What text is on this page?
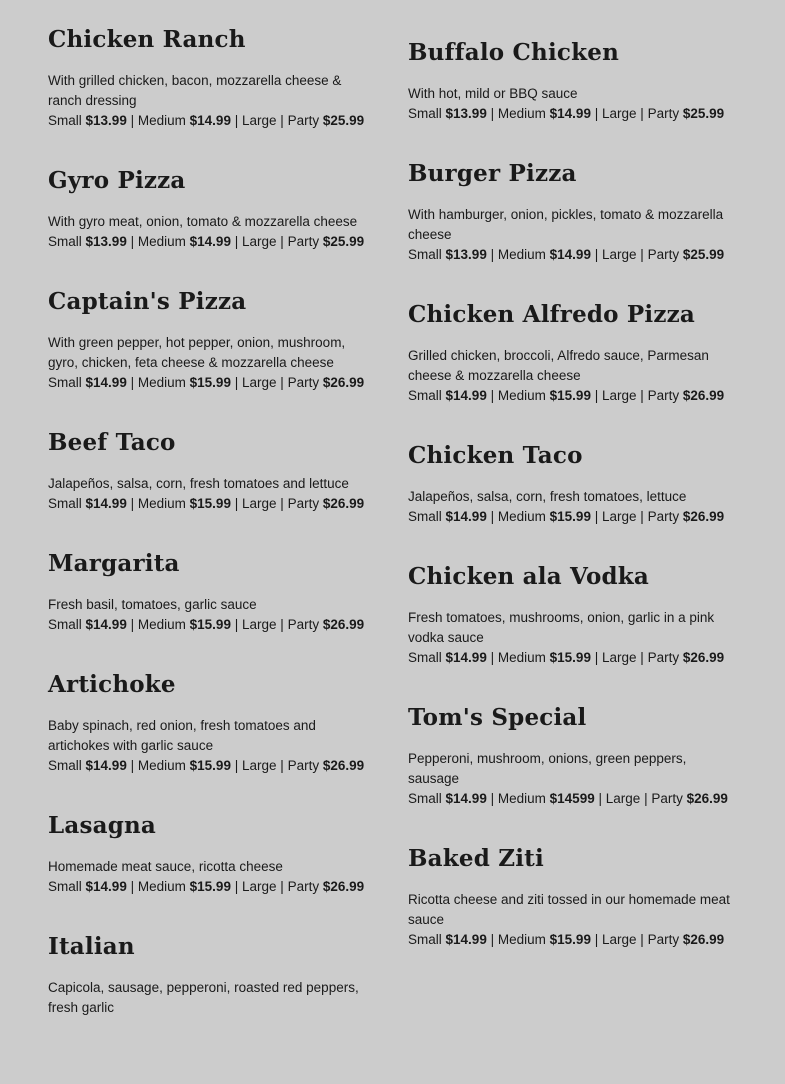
Chicken Ranch

With grilled chicken, bacon, mozzarella cheese & ranch dressing

Small $13.99 | Medium $14.99 | Large | Party $25.99

Gyro Pizza

With gyro meat, onion, tomato & mozzarella cheese

Small $13.99 | Medium $14.99 | Large | Party $25.99

Captain's Pizza

With green pepper, hot pepper, onion, mushroom, gyro, chicken, feta cheese & mozzarella cheese

Small $14.99 | Medium $15.99 | Large | Party $26.99

Beef Taco

Jalapeños, salsa, corn, fresh tomatoes and lettuce

Small $14.99 | Medium $15.99 | Large | Party $26.99

Margarita

Fresh basil, tomatoes, garlic sauce

Small $14.99 | Medium $15.99 | Large | Party $26.99

Artichoke

Baby spinach, red onion, fresh tomatoes and artichokes with garlic sauce

Small $14.99 | Medium $15.99 | Large | Party $26.99

Lasagna

Homemade meat sauce, ricotta cheese

Small $14.99 | Medium $15.99 | Large | Party $26.99

Italian

Capicola, sausage, pepperoni, roasted red peppers, fresh garlic

Buffalo Chicken

With hot, mild or BBQ sauce

Small $13.99 | Medium $14.99 | Large | Party $25.99

Burger Pizza

With hamburger, onion, pickles, tomato & mozzarella cheese

Small $13.99 | Medium $14.99 | Large | Party $25.99

Chicken Alfredo Pizza

Grilled chicken, broccoli, Alfredo sauce, Parmesan cheese & mozzarella cheese

Small $14.99 | Medium $15.99 | Large | Party $26.99

Chicken Taco

Jalapeños, salsa, corn, fresh tomatoes, lettuce

Small $14.99 | Medium $15.99 | Large | Party $26.99

Chicken ala Vodka

Fresh tomatoes, mushrooms, onion, garlic in a pink vodka sauce

Small $14.99 | Medium $15.99 | Large | Party $26.99

Tom's Special

Pepperoni, mushroom, onions, green peppers, sausage

Small $14.99 | Medium $14599 | Large | Party $26.99

Baked Ziti

Ricotta cheese and ziti tossed in our homemade meat sauce

Small $14.99 | Medium $15.99 | Large | Party $26.99
